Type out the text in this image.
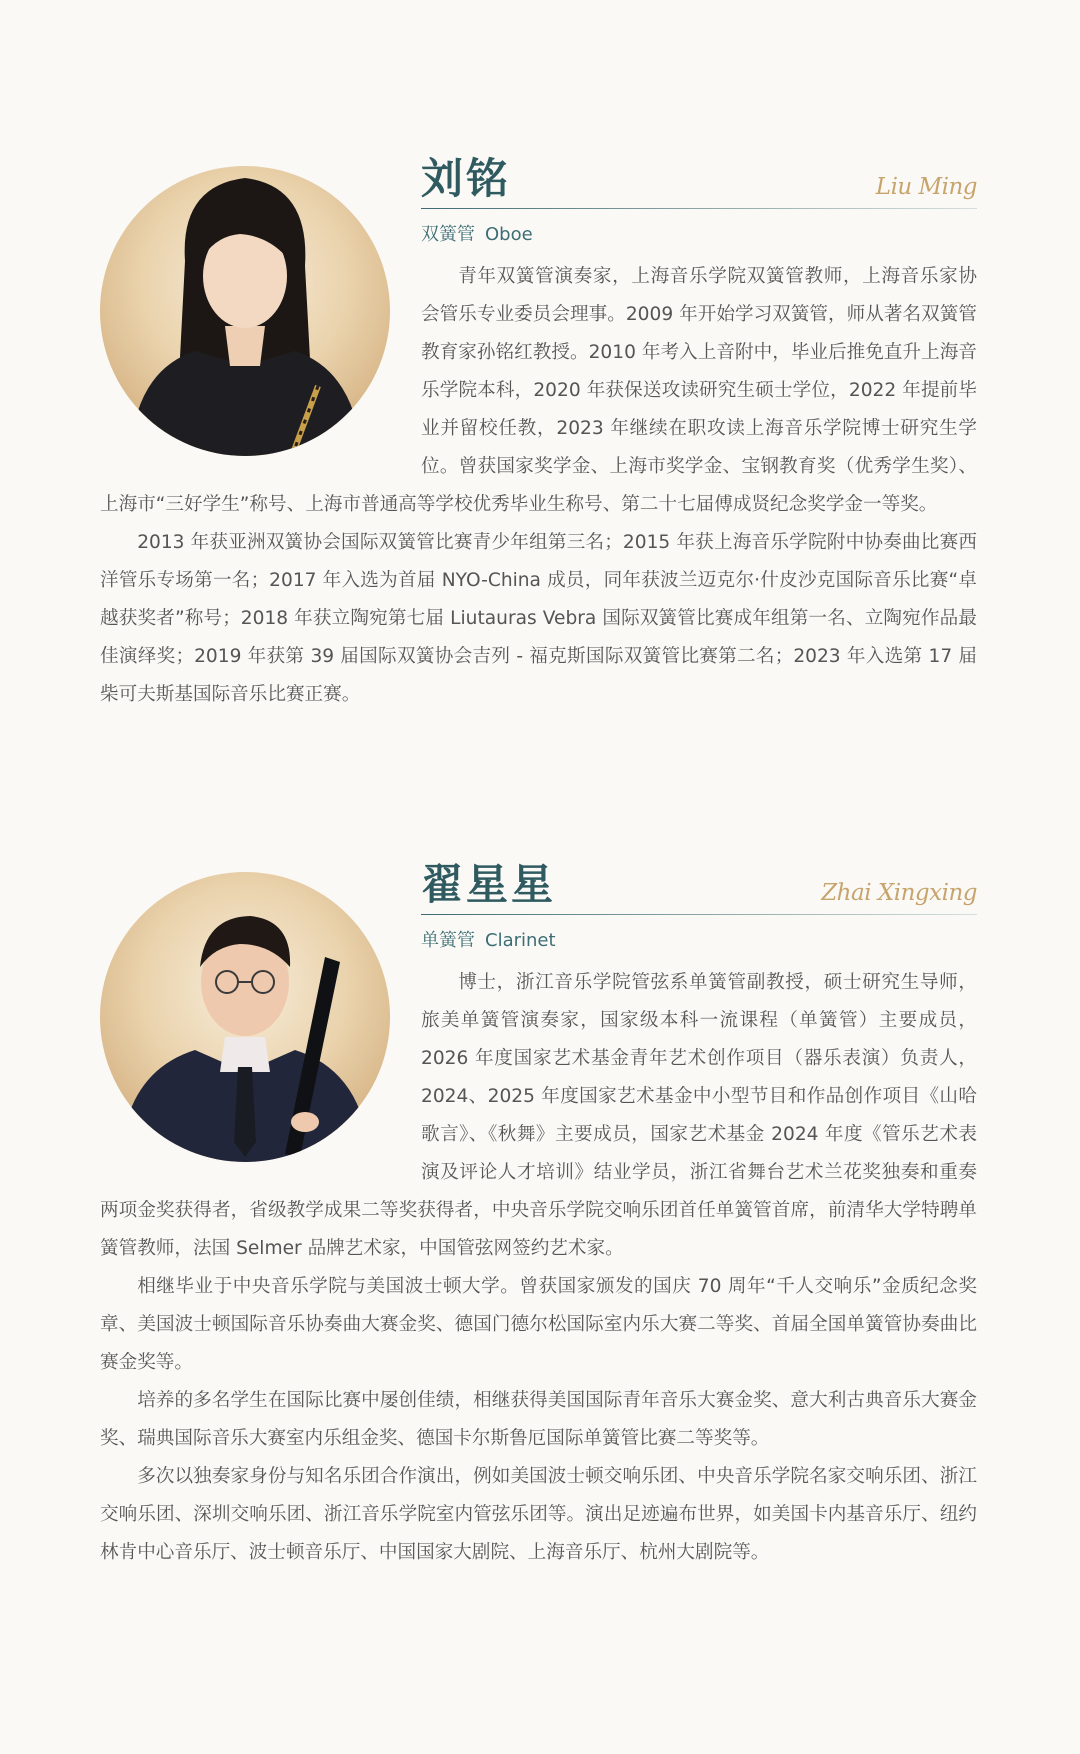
刘铭	Liu Ming
双簧管 Oboe

青年双簧管演奏家，上海音乐学院双簧管教师，上海音乐家协会管乐专业委员会理事。2009 年开始学习双簧管，师从著名双簧管教育家孙铭红教授。2010 年考入上音附中，毕业后推免直升上海音乐学院本科，2020 年获保送攻读研究生硕士学位，2022 年提前毕业并留校任教，2023 年继续在职攻读上海音乐学院博士研究生学位。曾获国家奖学金、上海市奖学金、宝钢教育奖（优秀学生奖）、上海市“三好学生”称号、上海市普通高等学校优秀毕业生称号、第二十七届傅成贤纪念奖学金一等奖。

2013 年获亚洲双簧协会国际双簧管比赛青少年组第三名；2015 年获上海音乐学院附中协奏曲比赛西洋管乐专场第一名；2017 年入选为首届 NYO-China 成员，同年获波兰迈克尔·什皮沙克国际音乐比赛“卓越获奖者”称号；2018 年获立陶宛第七届 Liutauras Vebra 国际双簧管比赛成年组第一名、立陶宛作品最佳演绎奖；2019 年获第 39 届国际双簧协会吉列 - 福克斯国际双簧管比赛第二名；2023 年入选第 17 届柴可夫斯基国际音乐比赛正赛。

翟星星	Zhai Xingxing
单簧管 Clarinet

博士，浙江音乐学院管弦系单簧管副教授，硕士研究生导师，旅美单簧管演奏家，国家级本科一流课程（单簧管）主要成员，2026 年度国家艺术基金青年艺术创作项目（器乐表演）负责人，2024、2025 年度国家艺术基金中小型节目和作品创作项目《山哈歌言》、《秋舞》主要成员，国家艺术基金 2024 年度《管乐艺术表演及评论人才培训》结业学员，浙江省舞台艺术兰花奖独奏和重奏两项金奖获得者，省级教学成果二等奖获得者，中央音乐学院交响乐团首任单簧管首席，前清华大学特聘单簧管教师，法国 Selmer 品牌艺术家，中国管弦网签约艺术家。

相继毕业于中央音乐学院与美国波士顿大学。曾获国家颁发的国庆 70 周年“千人交响乐”金质纪念奖章、美国波士顿国际音乐协奏曲大赛金奖、德国门德尔松国际室内乐大赛二等奖、首届全国单簧管协奏曲比赛金奖等。

培养的多名学生在国际比赛中屡创佳绩，相继获得美国国际青年音乐大赛金奖、意大利古典音乐大赛金奖、瑞典国际音乐大赛室内乐组金奖、德国卡尔斯鲁厄国际单簧管比赛二等奖等。

多次以独奏家身份与知名乐团合作演出，例如美国波士顿交响乐团、中央音乐学院名家交响乐团、浙江交响乐团、深圳交响乐团、浙江音乐学院室内管弦乐团等。演出足迹遍布世界，如美国卡内基音乐厅、纽约林肯中心音乐厅、波士顿音乐厅、中国国家大剧院、上海音乐厅、杭州大剧院等。
